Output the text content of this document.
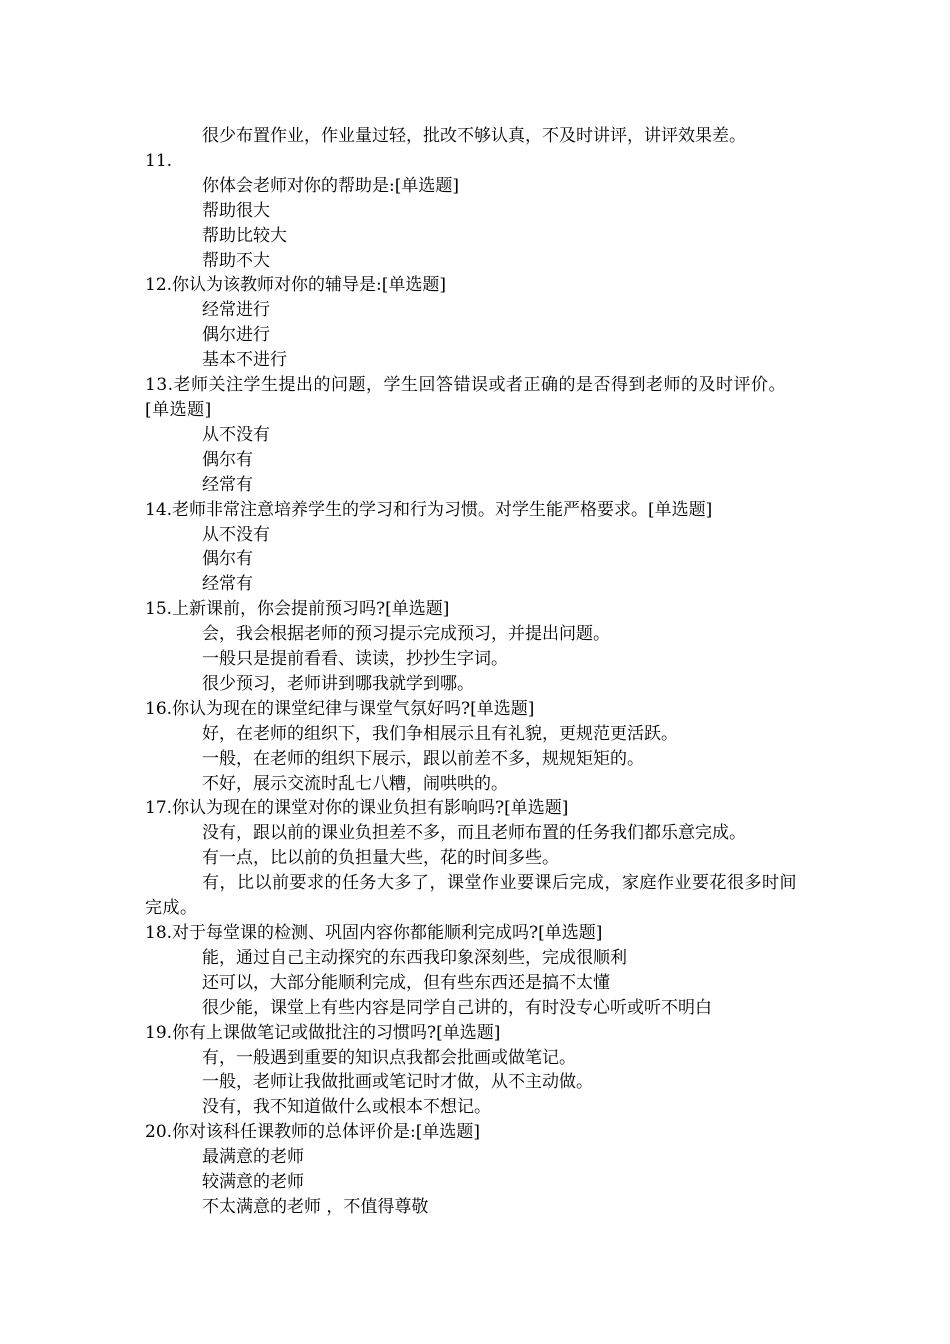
很少布置作业，作业量过轻，批改不够认真，不及时讲评，讲评效果差。
11.
你体会老师对你的帮助是:[单选题]
帮助很大
帮助比较大
帮助不大
12.你认为该教师对你的辅导是:[单选题]
经常进行
偶尔进行
基本不进行
13.老师关注学生提出的问题，学生回答错误或者正确的是否得到老师的及时评价。[单选题]
从不没有
偶尔有
经常有
14.老师非常注意培养学生的学习和行为习惯。对学生能严格要求。[单选题]
从不没有
偶尔有
经常有
15.上新课前，你会提前预习吗?[单选题]
会，我会根据老师的预习提示完成预习，并提出问题。
一般只是提前看看、读读，抄抄生字词。
很少预习，老师讲到哪我就学到哪。
16.你认为现在的课堂纪律与课堂气氛好吗?[单选题]
好，在老师的组织下，我们争相展示且有礼貌，更规范更活跃。
一般，在老师的组织下展示，跟以前差不多，规规矩矩的。
不好，展示交流时乱七八糟，闹哄哄的。
17.你认为现在的课堂对你的课业负担有影响吗?[单选题]
没有，跟以前的课业负担差不多，而且老师布置的任务我们都乐意完成。
有一点，比以前的负担量大些，花的时间多些。
有，比以前要求的任务大多了，课堂作业要课后完成，家庭作业要花很多时间完成。
18.对于每堂课的检测、巩固内容你都能顺利完成吗?[单选题]
能，通过自己主动探究的东西我印象深刻些，完成很顺利
还可以，大部分能顺利完成，但有些东西还是搞不太懂
很少能，课堂上有些内容是同学自己讲的，有时没专心听或听不明白
19.你有上课做笔记或做批注的习惯吗?[单选题]
有，一般遇到重要的知识点我都会批画或做笔记。
一般，老师让我做批画或笔记时才做，从不主动做。
没有，我不知道做什么或根本不想记。
20.你对该科任课教师的总体评价是:[单选题]
最满意的老师
较满意的老师
不太满意的老师 ，不值得尊敬
